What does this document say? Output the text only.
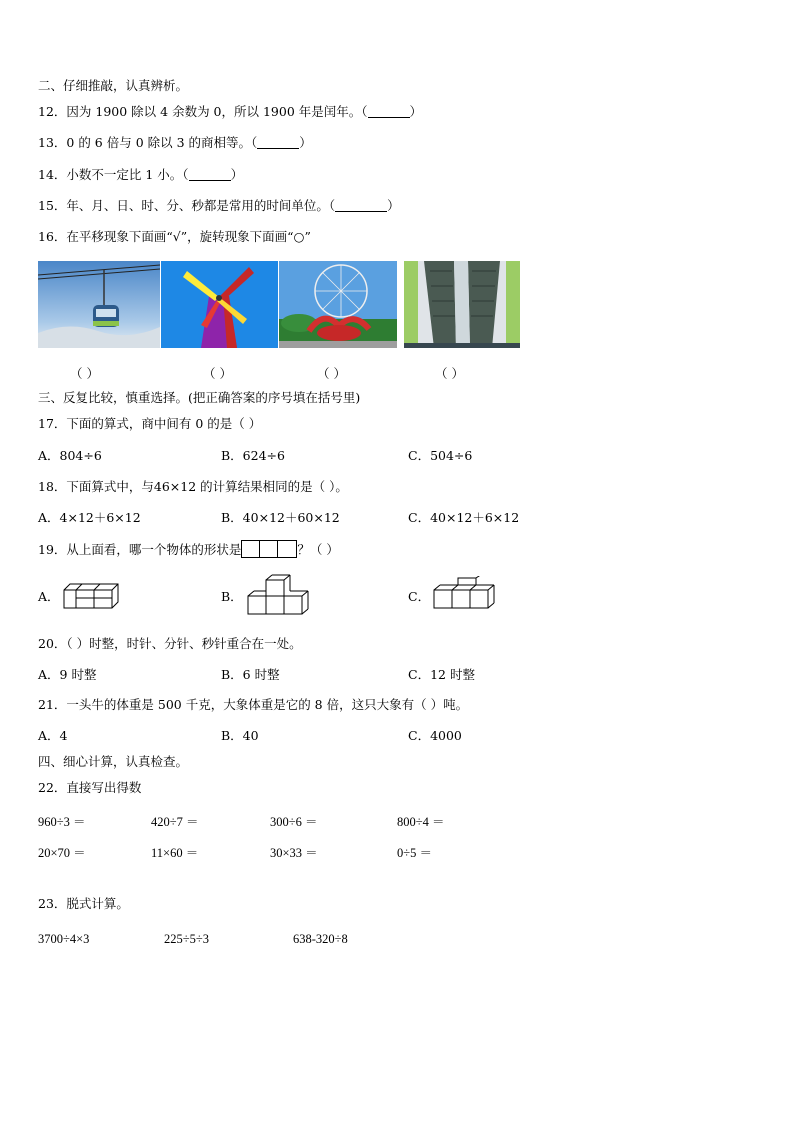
二、仔细推敲，认真辨析。
12．因为 1900 除以 4 余数为 0，所以 1900 年是闰年。（	）
13．0 的 6 倍与 0 除以 3 的商相等。（	）
14．小数不一定比 1 小。（	）
15．年、月、日、时、分、秒都是常用的时间单位。（	）
16．在平移现象下面画“√”，旋转现象下面画“○”
（ ）	（ ）	（ ）	（ ）
三、反复比较，慎重选择。(把正确答案的序号填在括号里)
17．下面的算式，商中间有 0 的是（ ）
A．804÷6	B．624÷6	C．504÷6
18．下面算式中，与46×12 的计算结果相同的是（ ）。
A．4×12＋6×12	B．40×12＋60×12	C．40×12＋6×12
19．从上面看，哪一个物体的形状是	？（ ）
A．	B．	C．
20．（ ）时整，时针、分针、秒针重合在一处。
A．9 时整	B．6 时整	C．12 时整
21．一头牛的体重是 500 千克，大象体重是它的 8 倍，这只大象有（ ）吨。
A．4	B．40	C．4000
四、细心计算，认真检查。
22．直接写出得数
960÷3 ＝	420÷7 ＝	300÷6 ＝	800÷4 ＝
20×70 ＝	11×60 ＝	30×33 ＝	0÷5 ＝
23．脱式计算。
3700÷4×3	225÷5÷3	638-320÷8
